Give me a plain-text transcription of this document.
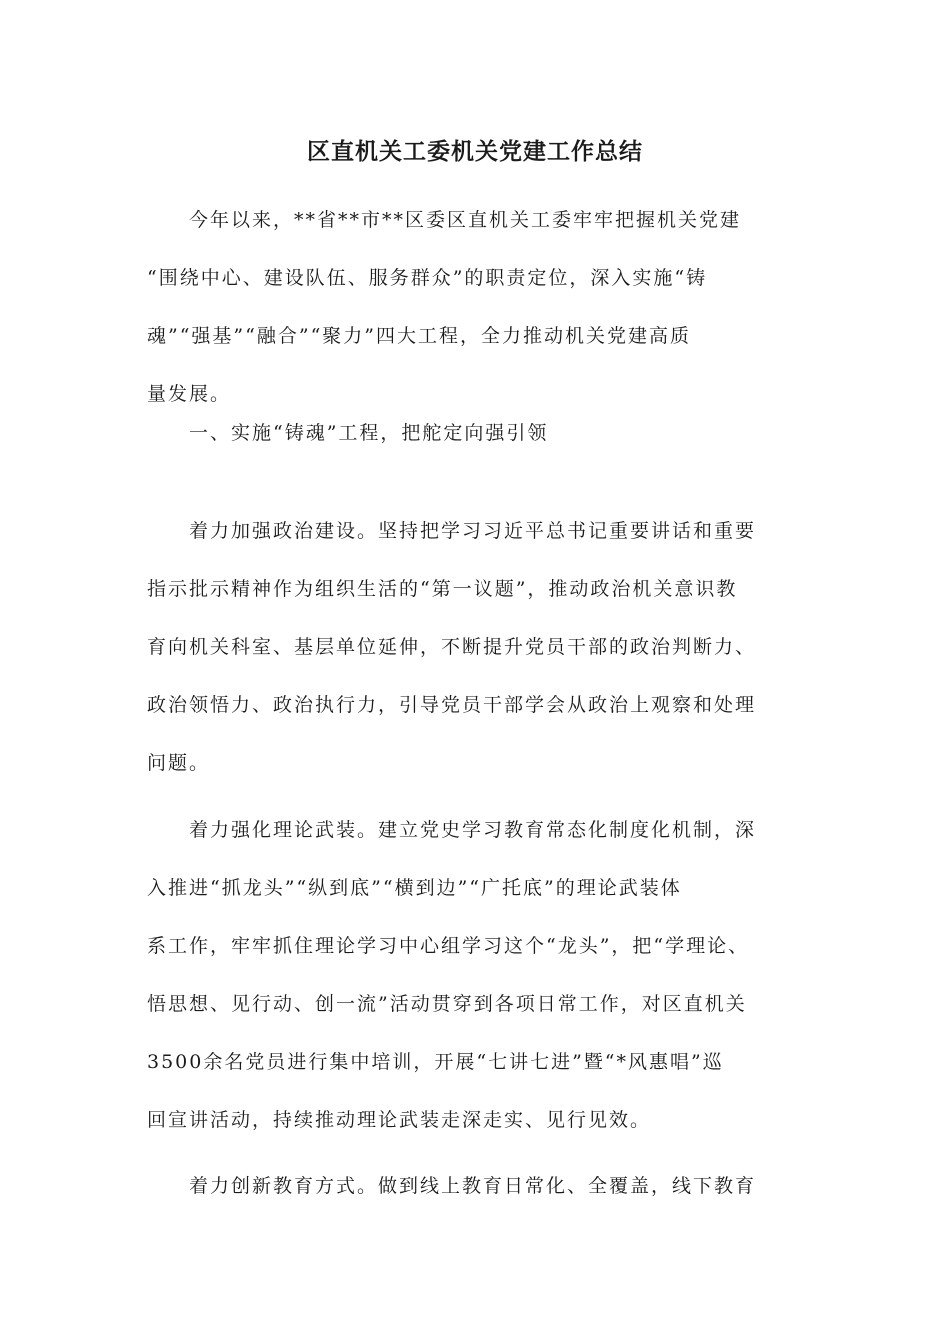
区直机关工委机关党建工作总结
今年以来，**省**市**区委区直机关工委牢牢把握机关党建
“围绕中心、建设队伍、服务群众”的职责定位，深入实施“铸
魂”“强基”“融合”“聚力”四大工程，全力推动机关党建高质
量发展。
一、实施“铸魂”工程，把舵定向强引领
着力加强政治建设。坚持把学习习近平总书记重要讲话和重要
指示批示精神作为组织生活的“第一议题”，推动政治机关意识教
育向机关科室、基层单位延伸，不断提升党员干部的政治判断力、
政治领悟力、政治执行力，引导党员干部学会从政治上观察和处理
问题。
着力强化理论武装。建立党史学习教育常态化制度化机制，深
入推进“抓龙头”“纵到底”“横到边”“广托底”的理论武装体
系工作，牢牢抓住理论学习中心组学习这个“龙头”，把“学理论、
悟思想、见行动、创一流”活动贯穿到各项日常工作，对区直机关
3500余名党员进行集中培训，开展“七讲七进”暨“*风惠唱”巡
回宣讲活动，持续推动理论武装走深走实、见行见效。
着力创新教育方式。做到线上教育日常化、全覆盖，线下教育
